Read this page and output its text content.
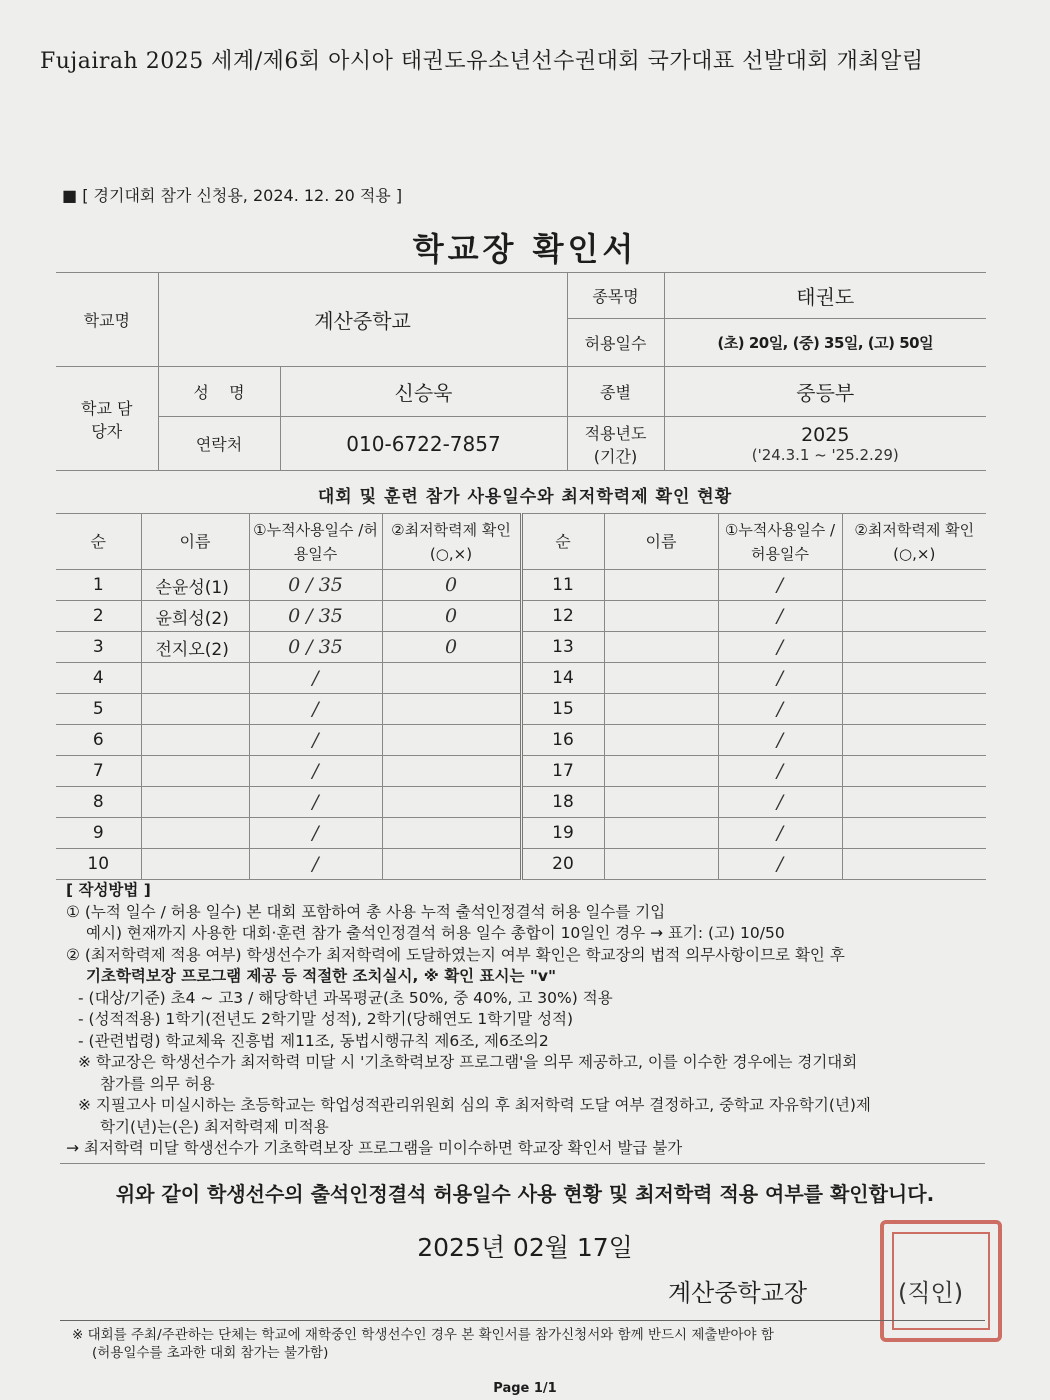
Fujairah 2025 세계/제6회 아시아 태권도유소년선수권대회 국가대표 선발대회 개최알림
■ [ 경기대회 참가 신청용, 2024. 12. 20 적용 ]
학교장 확인서
학교명	계산중학교		종목명	태권도
			허용일수	(초) 20일, (중) 35일, (고) 50일
학교 담당자	성    명	신승욱	종별	중등부
	연락처	010-6722-7857	적용년도 (기간)	2025
('24.3.1 ~ '25.2.29)
대회 및 훈련 참가 사용일수와 최저학력제 확인 현황
순	이름	①누적사용일수 /허용일수	②최저학력제 확인(○,×)	순	이름	①누적사용일수 /허용일수	②최저학력제 확인(○,×)
1	손윤성(1)	0 / 35	0	11		/	
2	윤희성(2)	0 / 35	0	12		/	
3	전지오(2)	0 / 35	0	13		/	
4		/		14		/	
5		/		15		/	
6		/		16		/	
7		/		17		/	
8		/		18		/	
9		/		19		/	
10		/		20		/	
[ 작성방법 ]
① (누적 일수 / 허용 일수) 본 대회 포함하여 총 사용 누적 출석인정결석 허용 일수를 기입
예시) 현재까지 사용한 대회·훈련 참가 출석인정결석 허용 일수 총합이 10일인 경우 → 표기: (고) 10/50
② (최저학력제 적용 여부) 학생선수가 최저학력에 도달하였는지 여부 확인은 학교장의 법적 의무사항이므로 확인 후
기초학력보장 프로그램 제공 등 적절한 조치실시, ※ 확인 표시는 "v"
- (대상/기준) 초4 ~ 고3 / 해당학년 과목평균(초 50%, 중 40%, 고 30%) 적용
- (성적적용) 1학기(전년도 2학기말 성적), 2학기(당해연도 1학기말 성적)
- (관련법령) 학교체육 진흥법 제11조, 동법시행규칙 제6조, 제6조의2
※ 학교장은 학생선수가 최저학력 미달 시 '기초학력보장 프로그램'을 의무 제공하고, 이를 이수한 경우에는 경기대회
참가를 의무 허용
※ 지필고사 미실시하는 초등학교는 학업성적관리위원회 심의 후 최저학력 도달 여부 결정하고, 중학교 자유학기(년)제
학기(년)는(은) 최저학력제 미적용
→ 최저학력 미달 학생선수가 기초학력보장 프로그램을 미이수하면 학교장 확인서 발급 불가
위와 같이 학생선수의 출석인정결석 허용일수 사용 현황 및 최저학력 적용 여부를 확인합니다.
2025년 02월 17일
계산중학교장	(직인)
※ 대회를 주최/주관하는 단체는 학교에 재학중인 학생선수인 경우 본 확인서를 참가신청서와 함께 반드시 제출받아야 함
(허용일수를 초과한 대회 참가는 불가함)
Page 1/1
